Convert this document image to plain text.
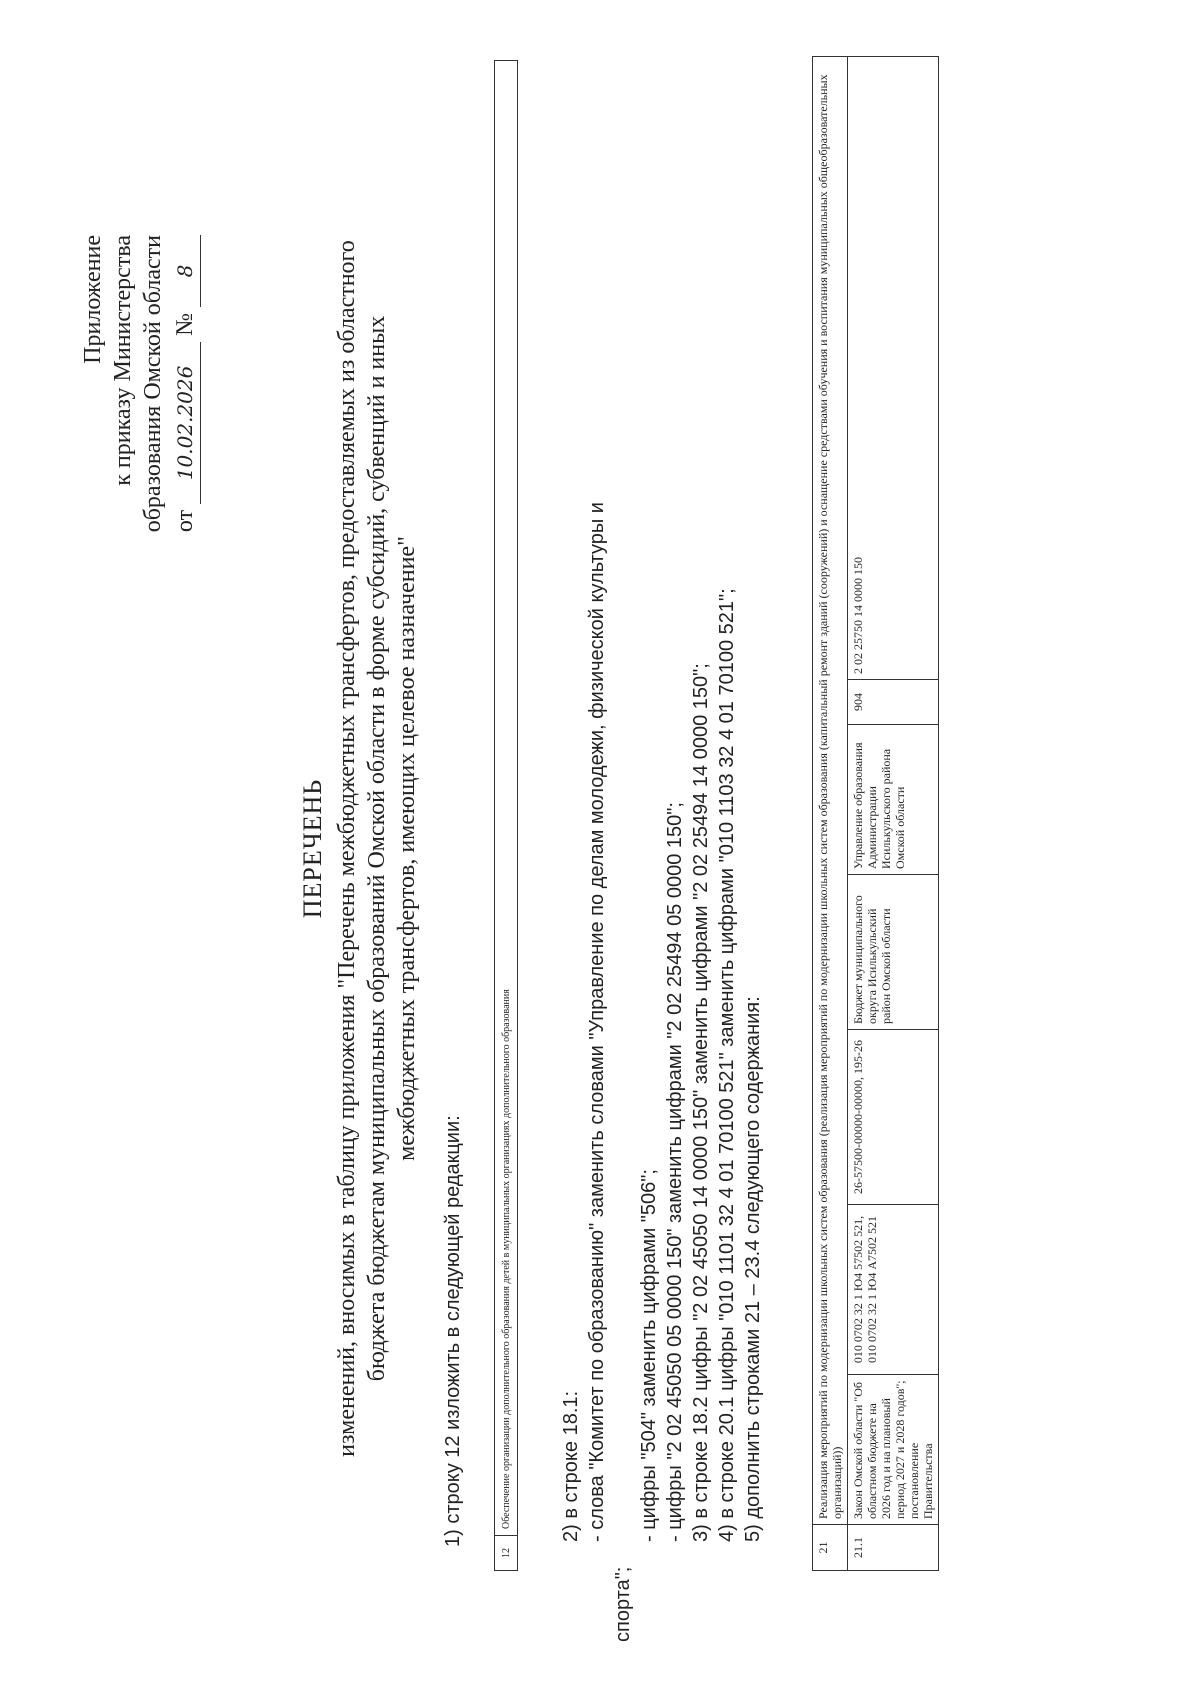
Приложение к приказу Министерства образования Омской области от 10.02.2026 № 8
ПЕРЕЧЕНЬ изменений, вносимых в таблицу приложения "Перечень межбюджетных трансфертов, предоставляемых из областного бюджета бюджетам муниципальных образований Омской области в форме субсидий, субвенций и иных межбюджетных трансфертов, имеющих целевое назначение"
1) строку 12 изложить в следующей редакции:
12	Обеспечение организации дополнительного образования детей в муниципальных организациях дополнительного образования 2) в строке 18.1: - слова "Комитет по образованию" заменить словами "Управление по делам молодежи, физической культуры и

спорта";

- цифры "504" заменить цифрами "506"; - цифры "2 02 45050 05 0000 150" заменить цифрами "2 02 25494 05 0000 150"; 3) в строке 18.2 цифры "2 02 45050 14 0000 150" заменить цифрами "2 02 25494 14 0000 150"; 4) в строке 20.1 цифры "010 1101 32 4 01 70100 521" заменить цифрами "010 1103 32 4 01 70100 521"; 5) дополнить строками 21 – 23.4 следующего содержания:

21	Реализация мероприятий по модернизации школьных систем образования (реализация мероприятий по модернизации школьных систем образования (капитальный ремонт зданий (сооружений) и оснащение средствами обучения и воспитания муниципальных общеобразовательных организаций))						
21.1	Закон Омской области "Об областном бюджете на 2026 год и на плановый период 2027 и 2028 годов"; постановление Правительства	010 0702 32 1 Ю4 57502 521, 010 0702 32 1 Ю4 A7502 521	26-57500-00000-00000, 195-26	Бюджет муниципального округа Исилькульский район Омской области	Управление образования Администрации Исилькульского района Омской области	904	2 02 25750 14 0000 150
